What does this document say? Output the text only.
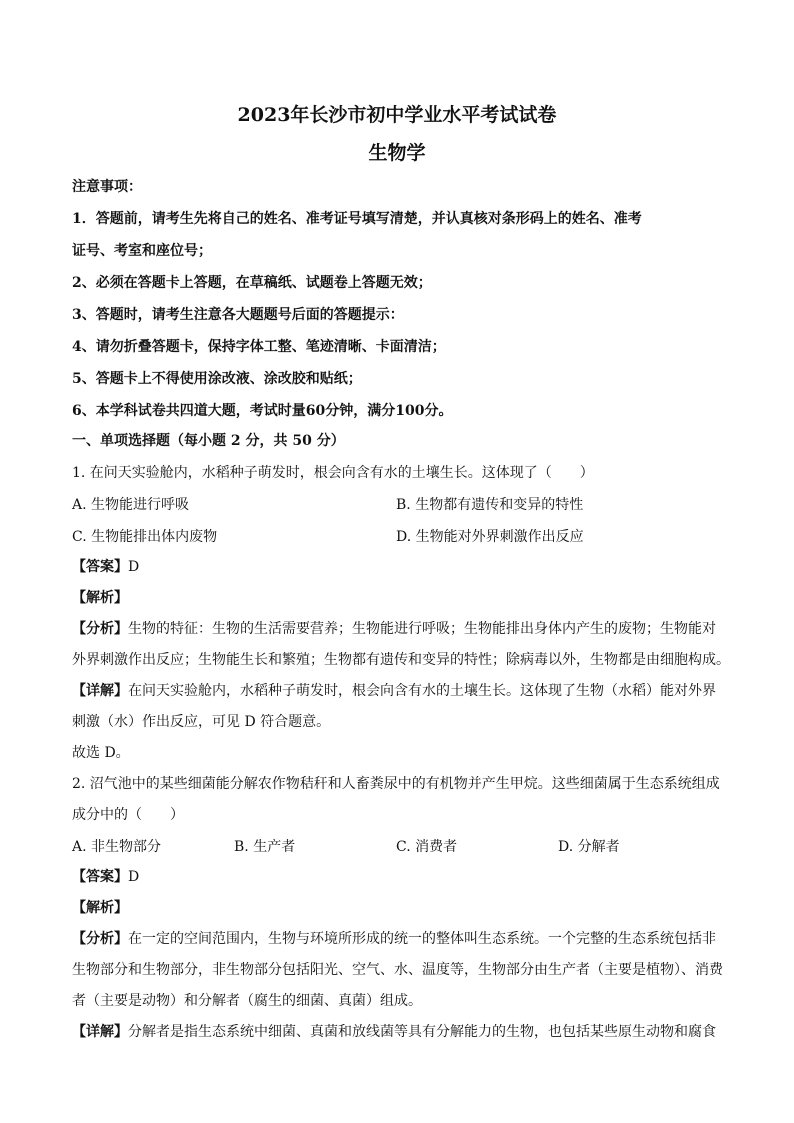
2023年长沙市初中学业水平考试试卷
生物学
注意事项：
1．答题前，请考生先将自己的姓名、准考证号填写清楚，并认真核对条形码上的姓名、准考
证号、考室和座位号；
2、必须在答题卡上答题，在草稿纸、试题卷上答题无效；
3、答题时，请考生注意各大题题号后面的答题提示：
4、请勿折叠答题卡，保持字体工整、笔迹清晰、卡面清洁；
5、答题卡上不得使用涂改液、涂改胶和贴纸；
6、本学科试卷共四道大题，考试时量60分钟，满分100分。
一、单项选择题（每小题 2 分，共 50 分）
1. 在问天实验舱内，水稻种子萌发时，根会向含有水的土壤生长。这体现了（　　）
A. 生物能进行呼吸	B. 生物都有遗传和变异的特性
C. 生物能排出体内废物	D. 生物能对外界刺激作出反应
【答案】D
【解析】
【分析】生物的特征：生物的生活需要营养；生物能进行呼吸；生物能排出身体内产生的废物；生物能对
外界刺激作出反应；生物能生长和繁殖；生物都有遗传和变异的特性；除病毒以外，生物都是由细胞构成。
【详解】在问天实验舱内，水稻种子萌发时，根会向含有水的土壤生长。这体现了生物（水稻）能对外界
刺激（水）作出反应，可见 D 符合题意。
故选 D。
2. 沼气池中的某些细菌能分解农作物秸秆和人畜粪尿中的有机物并产生甲烷。这些细菌属于生态系统组成
成分中的（　　）
A. 非生物部分	B. 生产者	C. 消费者	D. 分解者
【答案】D
【解析】
【分析】在一定的空间范围内，生物与环境所形成的统一的整体叫生态系统。一个完整的生态系统包括非
生物部分和生物部分，非生物部分包括阳光、空气、水、温度等，生物部分由生产者（主要是植物）、消费
者（主要是动物）和分解者（腐生的细菌、真菌）组成。
【详解】分解者是指生态系统中细菌、真菌和放线菌等具有分解能力的生物，也包括某些原生动物和腐食
